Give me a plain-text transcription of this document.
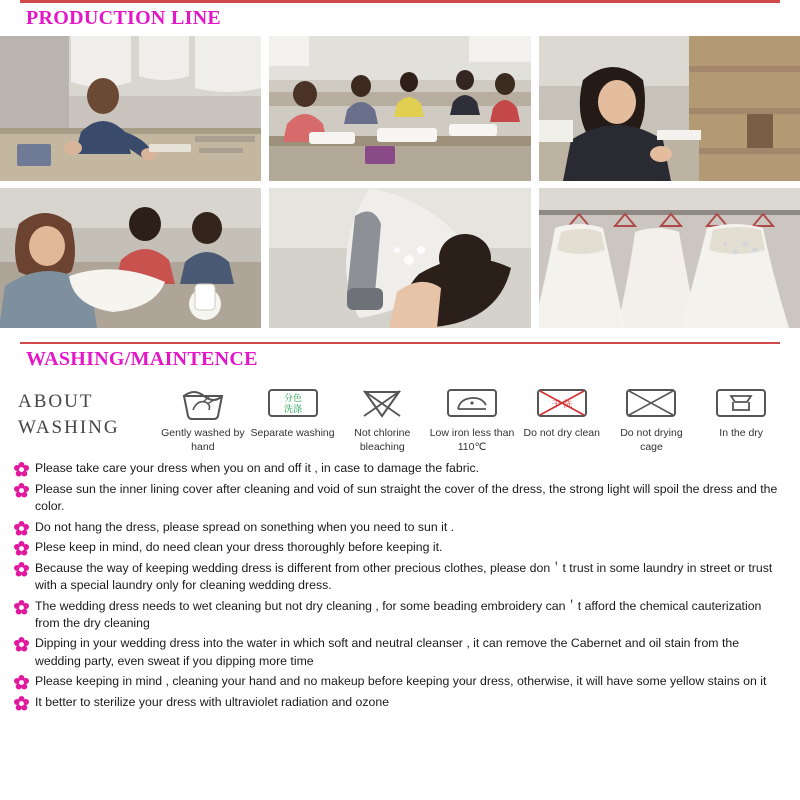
PRODUCTION LINE
WASHING/MAINTENCE
ABOUT
WASHING	Gently washed by hand
分色
洗涤
Separate washing	Not chlorine bleaching
Low iron less than 110℃
干 洗
Do not dry clean	Do not drying cage
In the dry
Please take care your dress when you on and off it , in case to damage the fabric.
Please sun the inner lining cover after cleaning and void of sun straight the cover of the dress, the strong light will spoil the dress and the color.
Do not hang the dress, please spread on sonething when you need to sun it .
Plese keep in mind, do need clean your dress thoroughly before keeping it.
Because the way of keeping wedding dress is different from other precious clothes, please don＇t trust in some laundry in street or trust with a special laundry only for cleaning wedding dress.
The wedding dress needs to wet cleaning but not dry cleaning , for some beading embroidery can＇t afford the chemical cauterization from the dry cleaning
Dipping in your wedding dress into the water in which soft and neutral cleanser , it can remove the Cabernet and oil stain from the wedding party, even sweat if you dipping more time
Please keeping in mind , cleaning your hand and no makeup before keeping your dress, otherwise, it will have some yellow stains on it
It better to sterilize your dress with ultraviolet radiation and ozone
